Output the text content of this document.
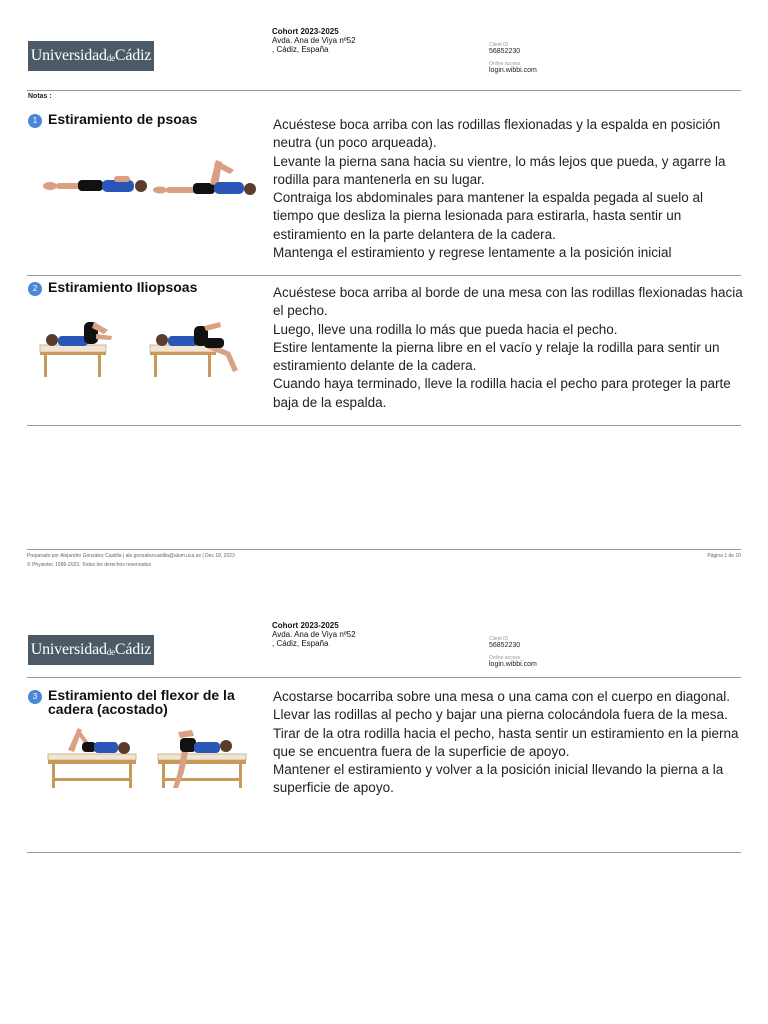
UniversidaddeCádiz
Cohort 2023-2025
Avda. Ana de Viya nº52
, Cádiz, España	Client ID
56852230
Online access
login.wibbi.com
Notas :
1 Estiramiento de psoas	Acuéstese boca arriba con las rodillas flexionadas y la espalda en posición neutra (un poco arqueada).
Levante la pierna sana hacia su vientre, lo más lejos que pueda, y agarre la rodilla para mantenerla en su lugar.
Contraiga los abdominales para mantener la espalda pegada al suelo al tiempo que desliza la pierna lesionada para estirarla, hasta sentir un estiramiento en la parte delantera de la cadera.
Mantenga el estiramiento y regrese lentamente a la posición inicial
2 Estiramiento Iliopsoas	Acuéstese boca arriba al borde de una mesa con las rodillas flexionadas hacia el pecho.
Luego, lleve una rodilla lo más que pueda hacia el pecho.
Estire lentamente la pierna libre en el vacío y relaje la rodilla para sentir un estiramiento delante de la cadera.
Cuando haya terminado, lleve la rodilla hacia el pecho para proteger la parte baja de la espalda.
Preparado por Alejandro González Castilla | ale.gonzalezcastilla@alum.uca.es | Dec 18, 2023
© Physiotec 1996-2023. Todos los derechos reservados
Página 1 de 10
UniversidaddeCádiz
Cohort 2023-2025
Avda. Ana de Viya nº52
, Cádiz, España	Client ID
56852230
Online access
login.wibbi.com
3 Estiramiento del flexor de la cadera (acostado)
Acostarse bocarriba sobre una mesa o una cama con el cuerpo en diagonal.
Llevar las rodillas al pecho y bajar una pierna colocándola fuera de la mesa.
Tirar de la otra rodilla hacia el pecho, hasta sentir un estiramiento en la pierna que se encuentra fuera de la superficie de apoyo.
Mantener el estiramiento y volver a la posición inicial llevando la pierna a la superficie de apoyo.
